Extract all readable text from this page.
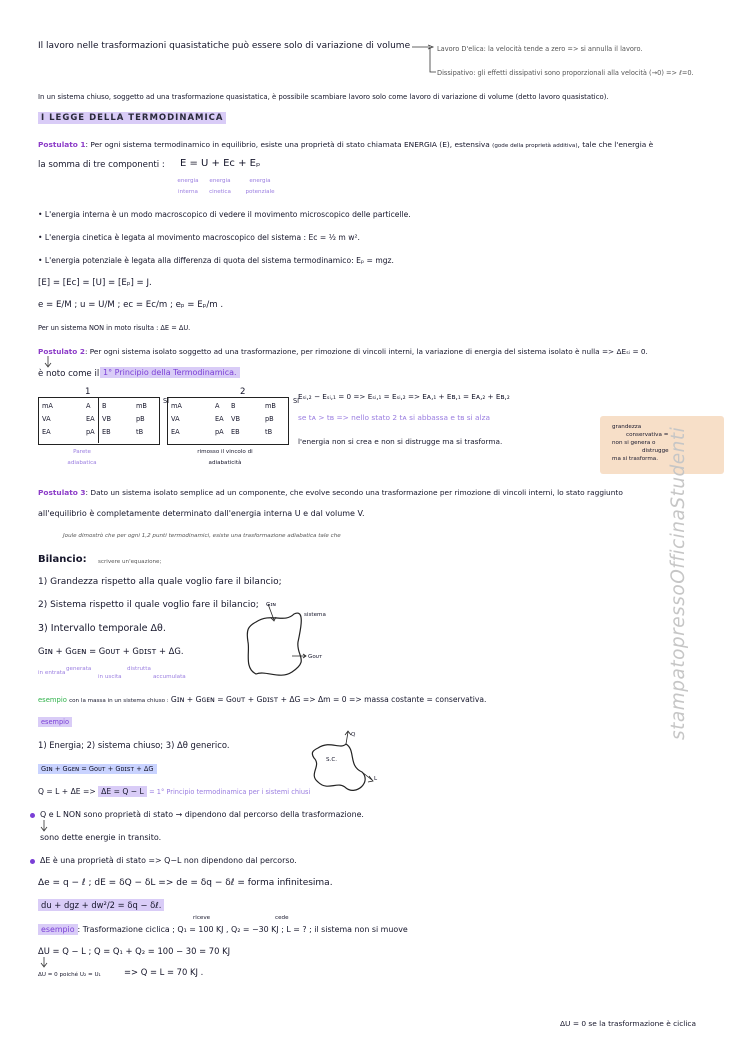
Il lavoro nelle trasformazioni quasistatiche può essere solo di variazione di volume	Lavoro D'elica: la velocità tende a zero => si annulla il lavoro.
Dissipativo: gli effetti dissipativi sono proporzionali alla velocità (→0) => ℓ=0.
In un sistema chiuso, soggetto ad una trasformazione quasistatica, è possibile scambiare lavoro solo come lavoro di variazione di volume (detto lavoro quasistatico).
I LEGGE DELLA TERMODINAMICA
Postulato 1: Per ogni sistema termodinamico in equilibrio, esiste una proprietà di stato chiamata ENERGIA (E), estensiva (gode della proprietà additiva), tale che l'energia è
la somma di tre componenti : E = U + Eᴄ + Eₚ
energia interna
energia cinetica
energia potenziale
• L'energia interna è un modo macroscopico di vedere il movimento microscopico delle particelle.
• L'energia cinetica è legata al movimento macroscopico del sistema : Eᴄ = ½ m w².
• L'energia potenziale è legata alla differenza di quota del sistema termodinamico: Eₚ = mgz.
[E] = [Eᴄ] = [U] = [Eₚ] = J.
e = E/M ; u = U/M ; eᴄ = Eᴄ/m ; eₚ = Eₚ/m .
Per un sistema NON in moto risulta : ΔE = ΔU.
Postulato 2: Per ogni sistema isolato soggetto ad una trasformazione, per rimozione di vincoli interni, la variazione di energia del sistema isolato è nulla => ΔEₛᵢ = 0.
è noto come il 1° Principio della Termodinamica.
1
SI
mA	A B	mB
VA	EA VB	pB
EA	pA EB	tB
Parete adiabatica
2
SI
mA	A B	mB
VA	EA VB	pB
EA	pA EB	tB
rimosso il vincolo di adiabaticità
Eₛᵢ,₂ − Eₛᵢ,₁ = 0 => Eₛᵢ,₁ = Eₛᵢ,₂ => Eᴀ,₁ + Eʙ,₁ = Eᴀ,₂ + Eʙ,₂
se tᴀ > tʙ => nello stato 2 tᴀ si abbassa e tʙ si alza
l'energia non si crea e non si distrugge ma si trasforma.
grandezza
conservativa =
non si genera o
distrugge
ma si trasforma.
Postulato 3: Dato un sistema isolato semplice ad un componente, che evolve secondo una trasformazione per rimozione di vincoli interni, lo stato raggiunto
all'equilibrio è completamente determinato dall'energia interna U e dal volume V.
Joule dimostrò che per ogni 1,2 punti termodinamici, esiste una trasformazione adiabatica tale che
Bilancio: scrivere un'equazione;
1) Grandezza rispetto alla quale voglio fare il bilancio;
2) Sistema rispetto il quale voglio fare il bilancio;
3) Intervallo temporale Δθ.
Gɪɴ + Gɢᴇɴ = Gᴏᴜᴛ + Gᴅɪꜱᴛ + ΔG.
in entrata
generata
in uscita
distrutta
accumulata
Gɪɴ
sistema
Gᴏᴜᴛ
esempio con la massa in un sistema chiuso : Gɪɴ + Gɢᴇɴ = Gᴏᴜᴛ + Gᴅɪꜱᴛ + ΔG => Δm = 0 => massa costante = conservativa.
esempio
1) Energia; 2) sistema chiuso; 3) Δθ generico.
Gɪɴ + Gɢᴇɴ = Gᴏᴜᴛ + Gᴅɪꜱᴛ + ΔG
Q = L + ΔE => ΔE = Q − L = 1° Principio termodinamica per i sistemi chiusi
Q
S.C.
L
Q e L NON sono proprietà di stato → dipendono dal percorso della trasformazione.
sono dette energie in transito.
ΔE è una proprietà di stato => Q−L non dipendono dal percorso.
Δe = q − ℓ ; dE = δQ − δL => de = δq − δℓ = forma infinitesima.
du + dgz + dw²/2 = δq − δℓ.
riceve	cede
esempio : Trasformazione ciclica ; Q₁ = 100 KJ , Q₂ = −30 KJ ; L = ? ; il sistema non si muove
ΔU = Q − L ; Q = Q₁ + Q₂ = 100 − 30 = 70 KJ
ΔU = 0 poiché U₂ = U₁	=> Q = L = 70 KJ .
ΔU = 0 se la trasformazione è ciclica
stampatopressoOfficinaStudenti
